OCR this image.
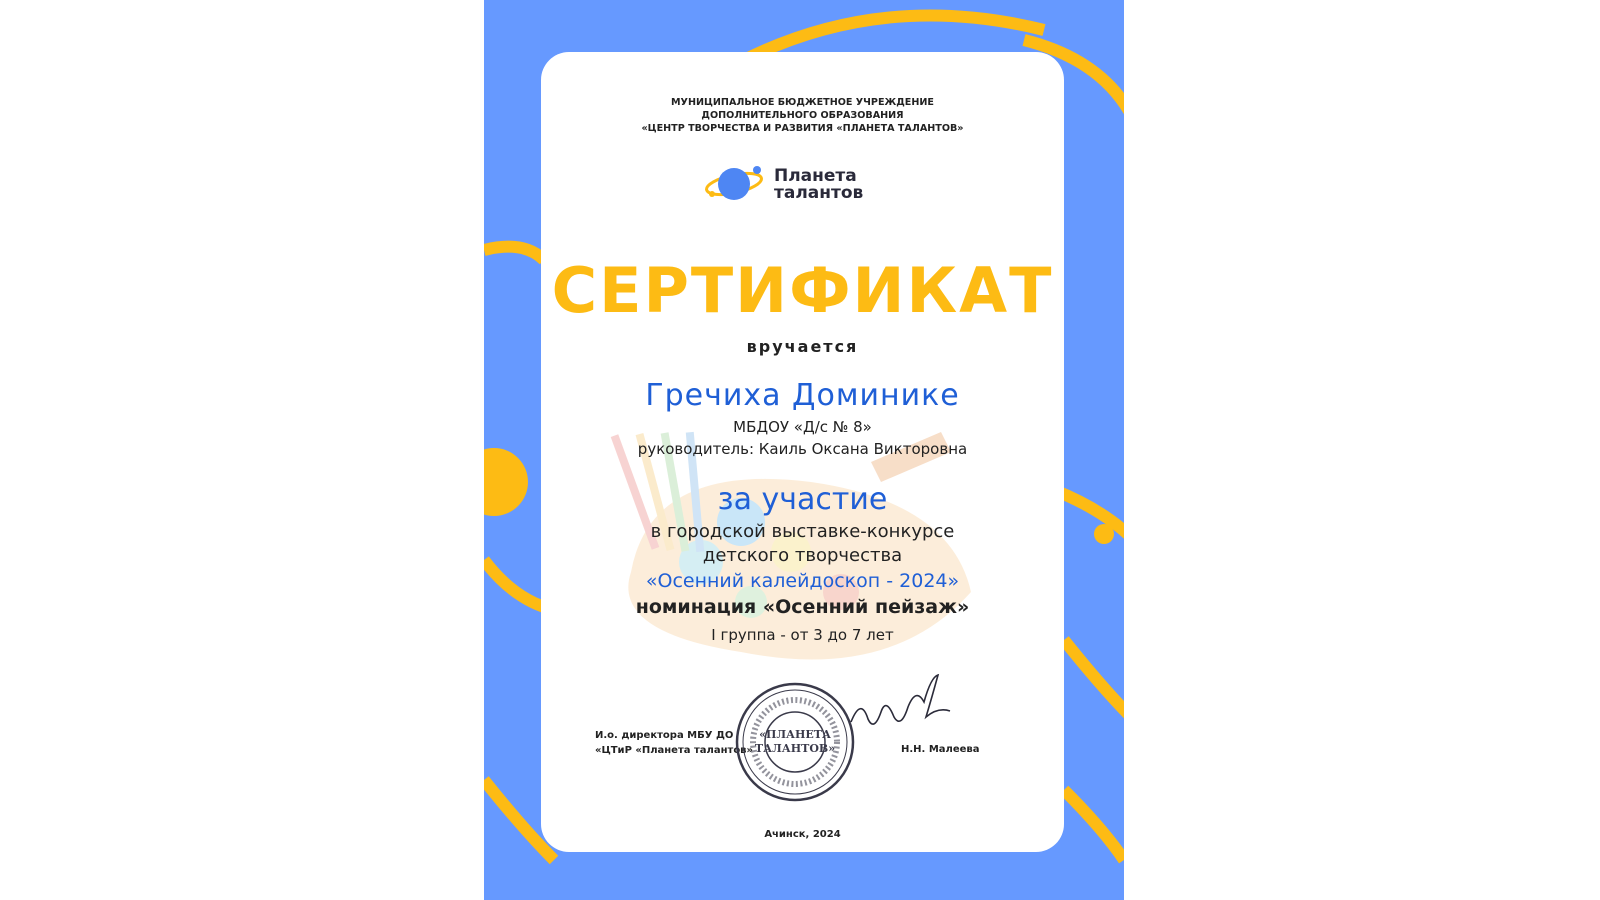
МУНИЦИПАЛЬНОЕ БЮДЖЕТНОЕ УЧРЕЖДЕНИЕ
ДОПОЛНИТЕЛЬНОГО ОБРАЗОВАНИЯ
«ЦЕНТР ТВОРЧЕСТВА И РАЗВИТИЯ «ПЛАНЕТА ТАЛАНТОВ»
Планета
талантов
СЕРТИФИКАТ
вручается
Гречиха Доминике
МБДОУ «Д/с № 8»
руководитель: Каиль Оксана Викторовна
за участие
в городской выставке-конкурсе
детского творчества
«Осенний калейдоскоп - 2024»
номинация «Осенний пейзаж»
I группа - от 3 до 7 лет
И.о. директора МБУ ДО
«ЦТиР «Планета талантов»
«ПЛАНЕТА
ТАЛАНТОВ»	Н.Н. Малеева
Ачинск, 2024
